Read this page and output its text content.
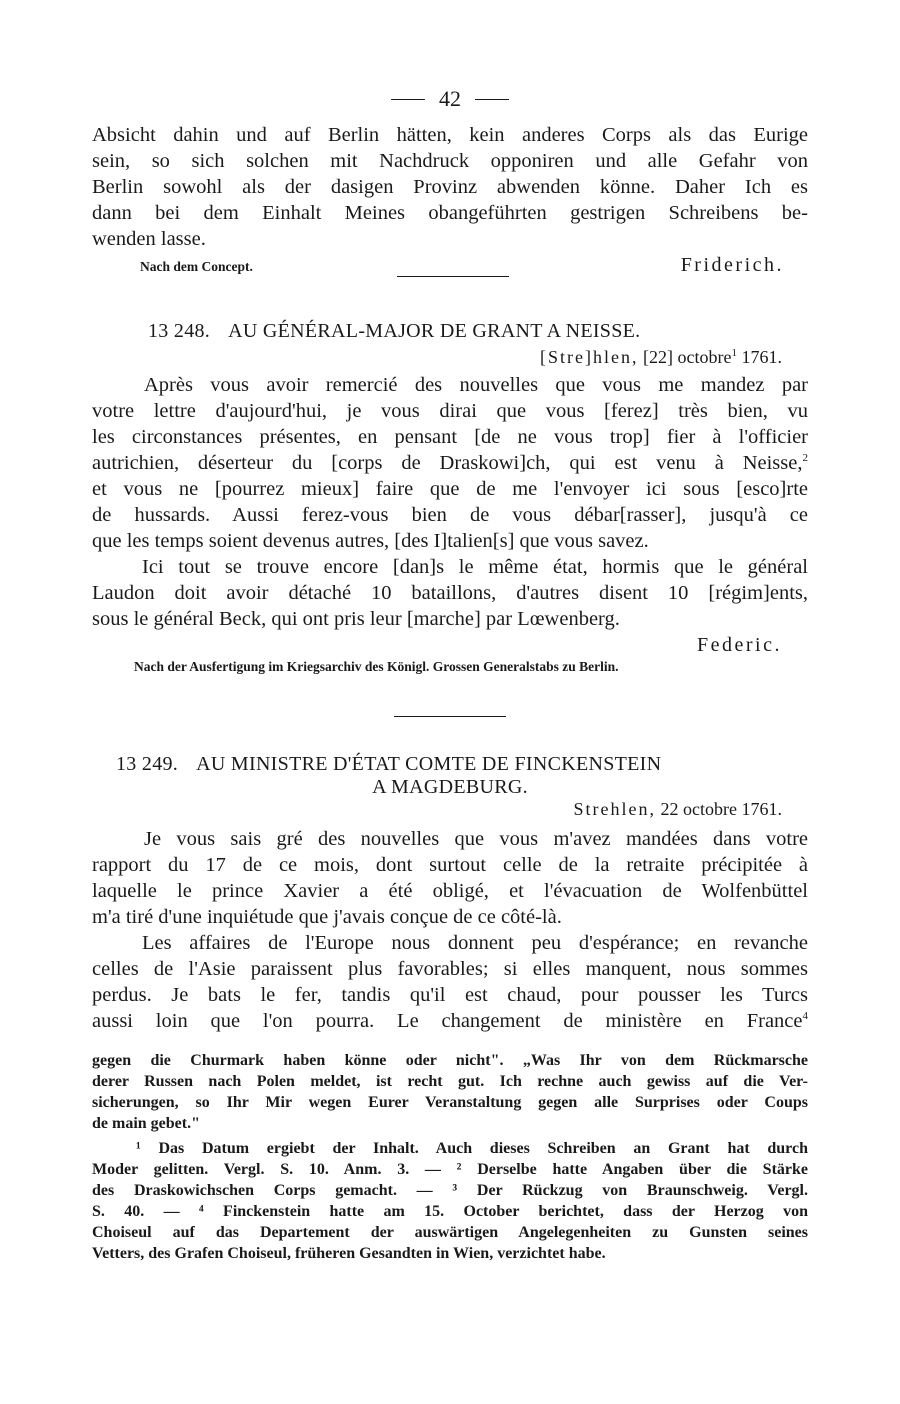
42
Absicht dahin und auf Berlin hätten, kein anderes Corps als das Eurige
sein, so sich solchen mit Nachdruck opponiren und alle Gefahr von
Berlin sowohl als der dasigen Provinz abwenden könne. Daher Ich es
dann bei dem Einhalt Meines obangeführten gestrigen Schreibens be-
wenden lasse.
Nach dem Concept.	Friderich.
13 248. AU GÉNÉRAL-MAJOR DE GRANT A NEISSE.
[Stre]hlen, [22] octobre$^1$ 1761.
Après vous avoir remercié des nouvelles que vous me mandez par
votre lettre d'aujourd'hui, je vous dirai que vous [ferez] très bien, vu
les circonstances présentes, en pensant [de ne vous trop] fier à l'officier
autrichien, déserteur du [corps de Draskowi]ch, qui est venu à Neisse,$^2$
et vous ne [pourrez mieux] faire que de me l'envoyer ici sous [esco]rte
de hussards. Aussi ferez-vous bien de vous débar[rasser], jusqu'à ce
que les temps soient devenus autres, [des I]talien[s] que vous savez.
Ici tout se trouve encore [dan]s le même état, hormis que le général
Laudon doit avoir détaché 10 bataillons, d'autres disent 10 [régim]ents,
sous le général Beck, qui ont pris leur [marche] par Lœwenberg.
Federic.
Nach der Ausfertigung im Kriegsarchiv des Königl. Grossen Generalstabs zu Berlin.
13 249. AU MINISTRE D'ÉTAT COMTE DE FINCKENSTEIN
A MAGDEBURG.
Strehlen, 22 octobre 1761.
Je vous sais gré des nouvelles que vous m'avez mandées dans votre
rapport du 17 de ce mois, dont surtout celle de la retraite précipitée à
laquelle le prince Xavier a été obligé, et l'évacuation de Wolfenbüttel
m'a tiré d'une inquiétude que j'avais conçue de ce côté-là.
Les affaires de l'Europe nous donnent peu d'espérance; en revanche
celles de l'Asie paraissent plus favorables; si elles manquent, nous sommes
perdus. Je bats le fer, tandis qu'il est chaud, pour pousser les Turcs
aussi loin que l'on pourra. Le changement de ministère en France$^4$
gegen die Churmark haben könne oder nicht". „Was Ihr von dem Rückmarsche
derer Russen nach Polen meldet, ist recht gut. Ich rechne auch gewiss auf die Ver-
sicherungen, so Ihr Mir wegen Eurer Veranstaltung gegen alle Surprises oder Coups
de main gebet."
¹ Das Datum ergiebt der Inhalt. Auch dieses Schreiben an Grant hat durch
Moder gelitten. Vergl. S. 10. Anm. 3. — ² Derselbe hatte Angaben über die Stärke
des Draskowichschen Corps gemacht. — ³ Der Rückzug von Braunschweig. Vergl.
S. 40. — ⁴ Finckenstein hatte am 15. October berichtet, dass der Herzog von
Choiseul auf das Departement der auswärtigen Angelegenheiten zu Gunsten seines
Vetters, des Grafen Choiseul, früheren Gesandten in Wien, verzichtet habe.
